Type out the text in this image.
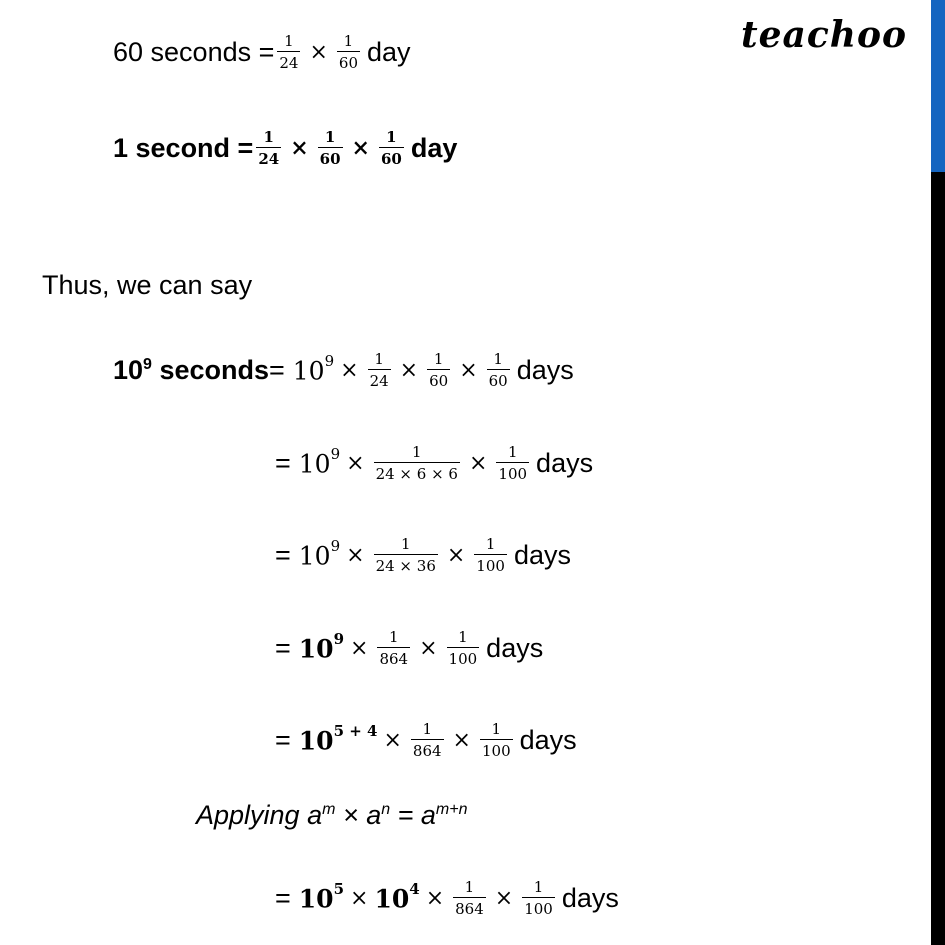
teachoo
60 seconds = $\frac{1}{24} \times \frac{1}{60}$ day
1 second = $\frac{1}{24} \times \frac{1}{60} \times \frac{1}{60}$ day
Thus, we can say
$10^9$ seconds = $10^9 \times \frac{1}{24} \times \frac{1}{60} \times \frac{1}{60}$ days
= $10^9 \times \frac{1}{24 \times 6 \times 6} \times \frac{1}{100}$ days
= $10^9 \times \frac{1}{24 \times 36} \times \frac{1}{100}$ days
= $10^9 \times \frac{1}{864} \times \frac{1}{100}$ days
= $10^{5 + 4} \times \frac{1}{864} \times \frac{1}{100}$ days
Applying $a^m \times a^n = a^{m+n}$
= $10^5 \times 10^4 \times \frac{1}{864} \times \frac{1}{100}$ days
